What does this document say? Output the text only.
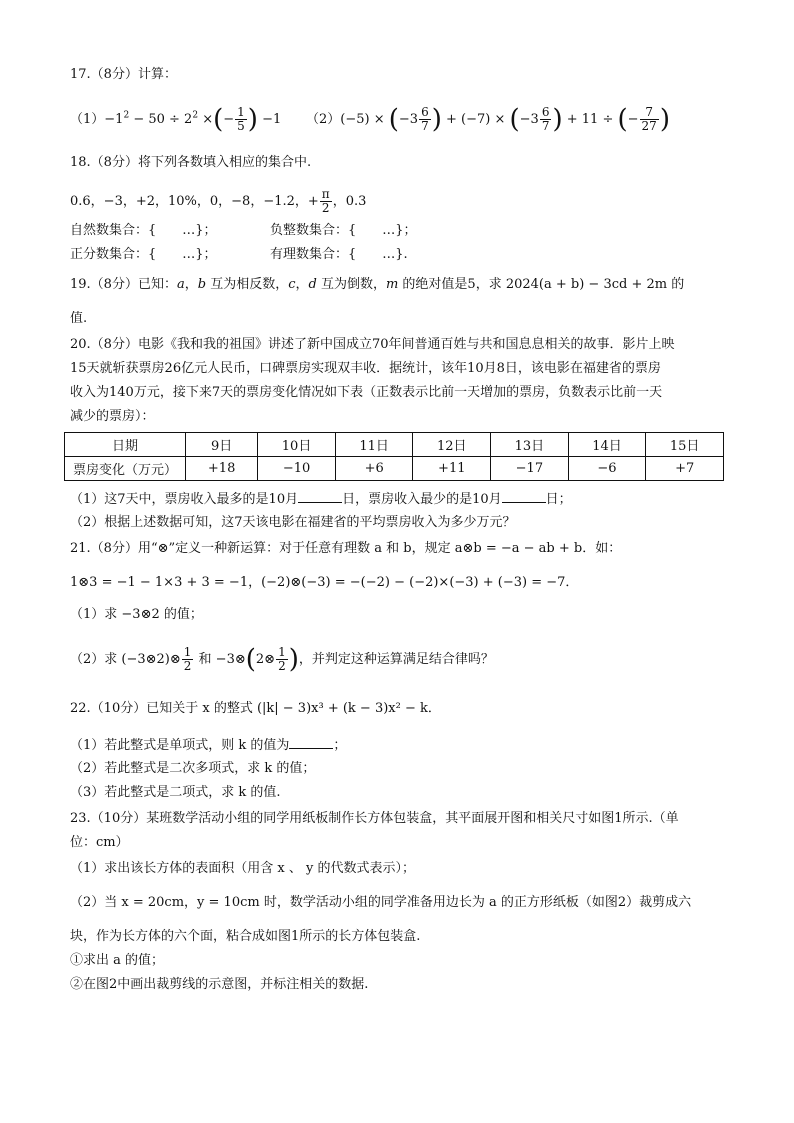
17.（8分）计算：
$(1)-1^2 - 50 \div 2^2$ ×(− $\frac{1}{5}$ ) −1 $(2)(-5) \times (-3 \frac{6}{7}$ ) + $(-7) \times (-3 \frac{6}{7}$ ) + 11 ÷ (− $\frac{7}{27}$ )
18.（8分）将下列各数填入相应的集合中.
0.6，−3，+2，10%，0，−8，−1.2，+ $\frac{\pi}{2}$ ，0.3
自然数集合：{　　…}；	负整数集合：{　　…}；
正分数集合：{　　…}；	有理数集合：{　　…}.
19.（8分）已知：a，b 互为相反数，c，d 互为倒数，m 的绝对值是5，求 2024(a + b) − 3cd + 2m 的
值.
20.（8分）电影《我和我的祖国》讲述了新中国成立70年间普通百姓与共和国息息相关的故事．影片上映
15天就斩获票房26亿元人民币，口碑票房实现双丰收．据统计，该年10月8日，该电影在福建省的票房
收入为140万元，接下来7天的票房变化情况如下表（正数表示比前一天增加的票房，负数表示比前一天
减少的票房）：
日期	9日	10日	11日	12日	13日	14日	15日
票房变化（万元）	+18	−10	+6	+11	−17	−6	+7
（1）这7天中，票房收入最多的是10月	日，票房收入最少的是10月	日；
（2）根据上述数据可知，这7天该电影在福建省的平均票房收入为多少万元？
21.（8分）用“⊗”定义一种新运算：对于任意有理数 a 和 b，规定 a⊗b = −a − ab + b．如：
1⊗3 = −1 − 1×3 + 3 = −1，(−2)⊗(−3) = −(−2) − (−2)×(−3) + (−3) = −7．
（1）求 −3⊗2 的值；
（2）求 (−3⊗2)⊗ $\frac{1}{2}$ 和 −3⊗(2⊗ $\frac{1}{2}$ )，并判定这种运算满足结合律吗？
22.（10分）已知关于 x 的整式 (|k| − 3)x³ + (k − 3)x² − k．
（1）若此整式是单项式，则 k 的值为	；
（2）若此整式是二次多项式，求 k 的值；
（3）若此整式是二项式，求 k 的值.
23.（10分）某班数学活动小组的同学用纸板制作长方体包装盒，其平面展开图和相关尺寸如图1所示.（单
位：cm）
（1）求出该长方体的表面积（用含 x 、 y 的代数式表示）；
（2）当 x = 20cm，y = 10cm 时，数学活动小组的同学准备用边长为 a 的正方形纸板（如图2）裁剪成六
块，作为长方体的六个面，粘合成如图1所示的长方体包装盒.
①求出 a 的值；
②在图2中画出裁剪线的示意图，并标注相关的数据.
